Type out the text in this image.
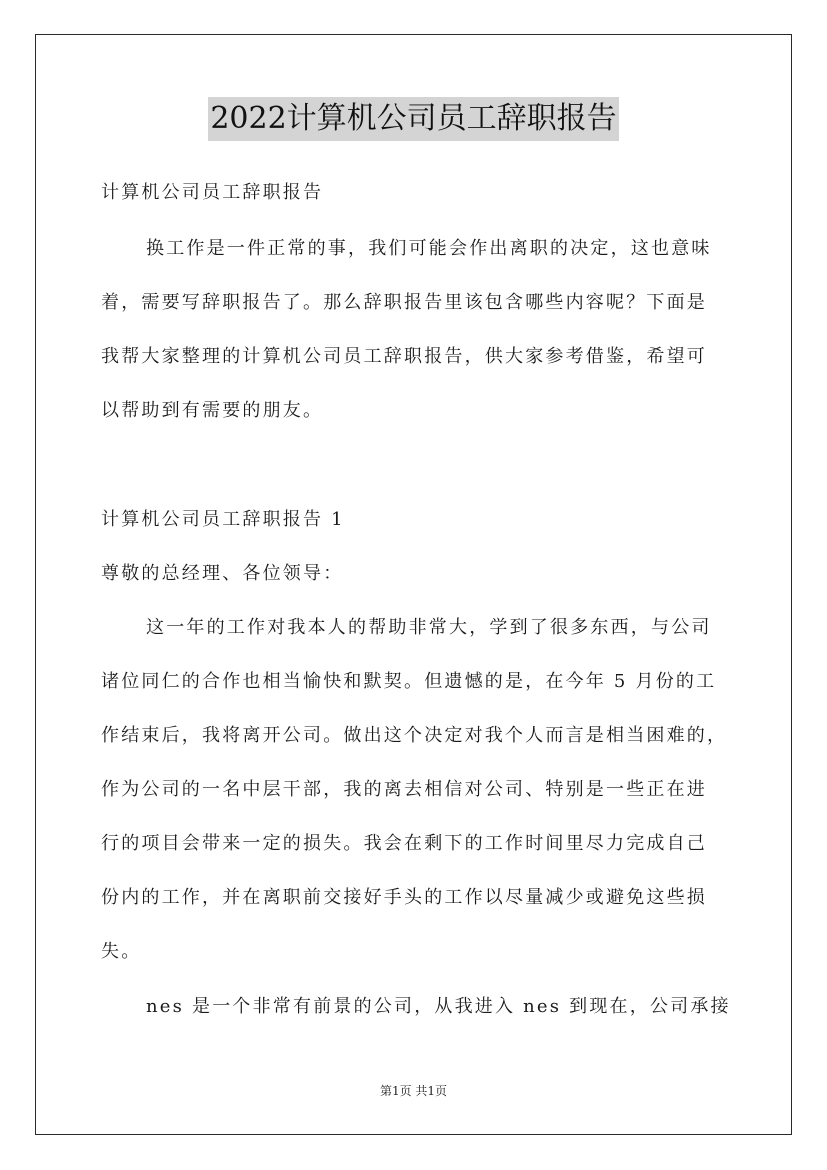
2022计算机公司员工辞职报告
计算机公司员工辞职报告
换工作是一件正常的事，我们可能会作出离职的决定，这也意味
着，需要写辞职报告了。那么辞职报告里该包含哪些内容呢？下面是
我帮大家整理的计算机公司员工辞职报告，供大家参考借鉴，希望可
以帮助到有需要的朋友。
计算机公司员工辞职报告 1
尊敬的总经理、各位领导：
这一年的工作对我本人的帮助非常大，学到了很多东西，与公司
诸位同仁的合作也相当愉快和默契。但遗憾的是，在今年 5 月份的工
作结束后，我将离开公司。做出这个决定对我个人而言是相当困难的，
作为公司的一名中层干部，我的离去相信对公司、特别是一些正在进
行的项目会带来一定的损失。我会在剩下的工作时间里尽力完成自己
份内的工作，并在离职前交接好手头的工作以尽量减少或避免这些损
失。
nes 是一个非常有前景的公司，从我进入 nes 到现在，公司承接
第1页 共1页
